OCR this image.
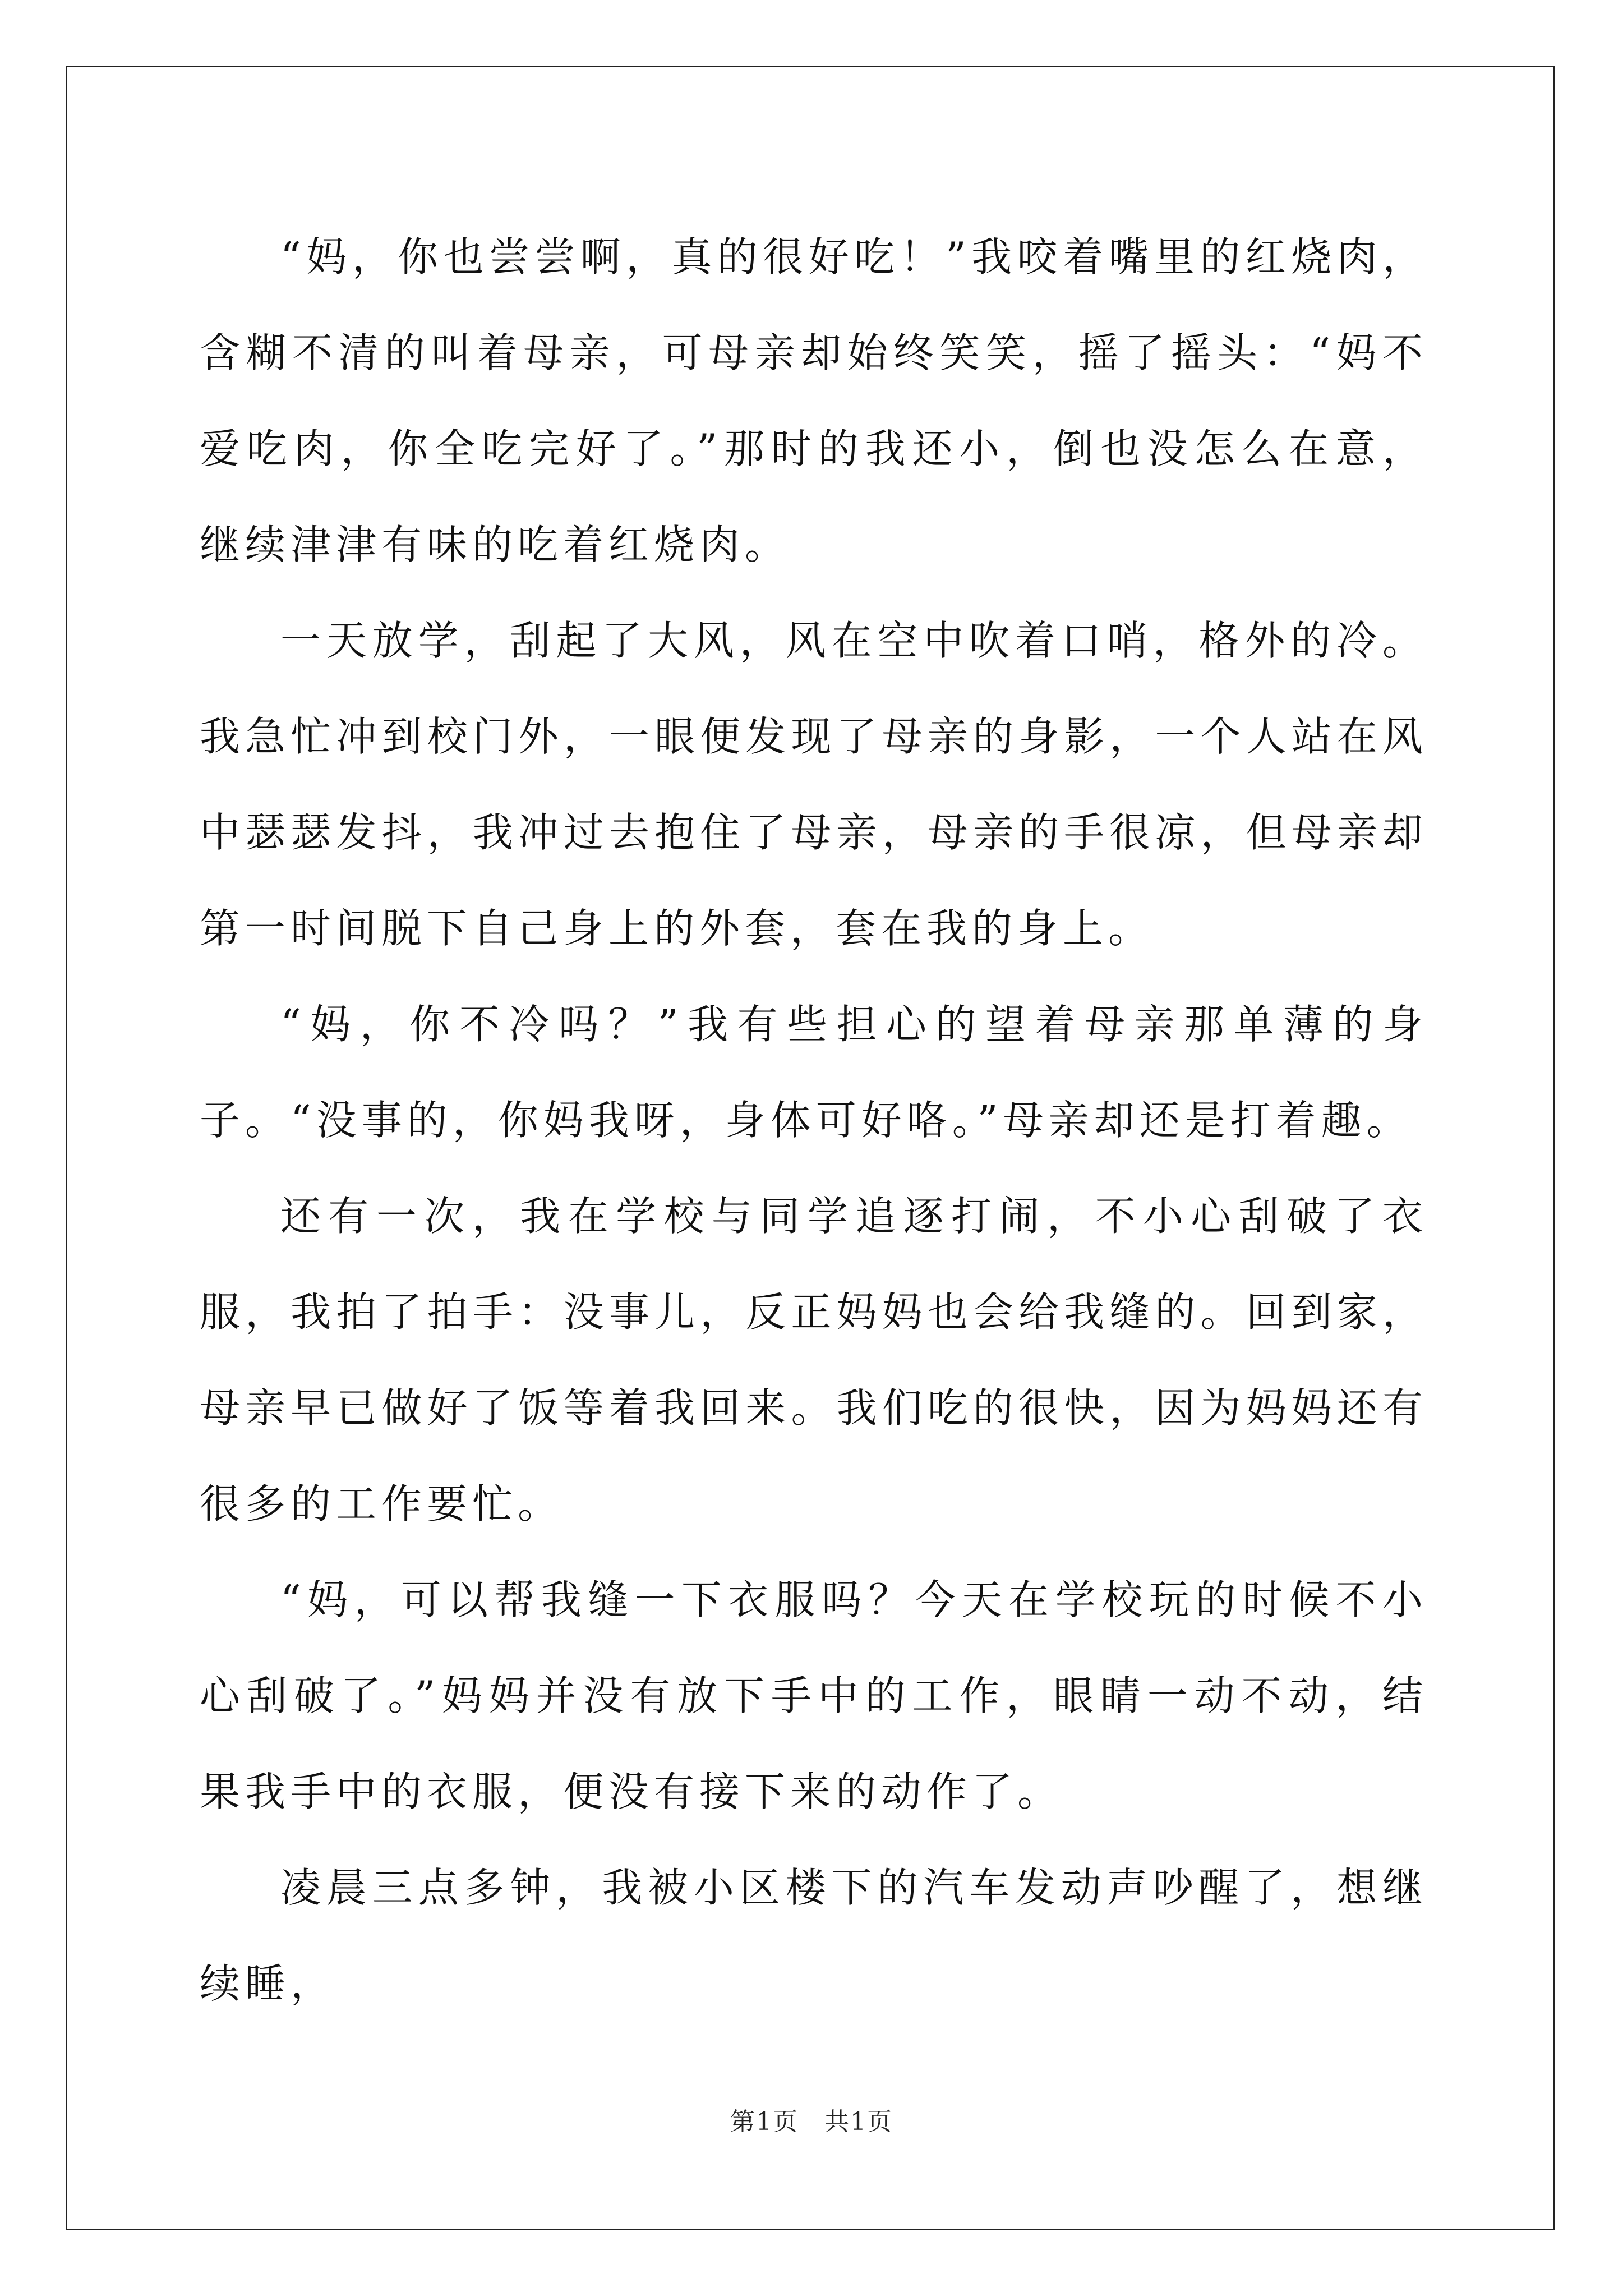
“妈，你也尝尝啊，真的很好吃！”我咬着嘴里的红烧肉，含糊不清的叫着母亲，可母亲却始终笑笑，摇了摇头：“妈不爱吃肉，你全吃完好了。”那时的我还小，倒也没怎么在意，继续津津有味的吃着红烧肉。

一天放学，刮起了大风，风在空中吹着口哨，格外的冷。我急忙冲到校门外，一眼便发现了母亲的身影，一个人站在风中瑟瑟发抖，我冲过去抱住了母亲，母亲的手很凉，但母亲却第一时间脱下自己身上的外套，套在我的身上。

“妈，你不冷吗？”我有些担心的望着母亲那单薄的身子。“没事的，你妈我呀，身体可好咯。”母亲却还是打着趣。

还有一次，我在学校与同学追逐打闹，不小心刮破了衣服，我拍了拍手：没事儿，反正妈妈也会给我缝的。回到家，母亲早已做好了饭等着我回来。我们吃的很快，因为妈妈还有很多的工作要忙。

“妈，可以帮我缝一下衣服吗？今天在学校玩的时候不小心刮破了。”妈妈并没有放下手中的工作，眼睛一动不动，结果我手中的衣服，便没有接下来的动作了。

凌晨三点多钟，我被小区楼下的汽车发动声吵醒了，想继续睡，

第1页　共1页
